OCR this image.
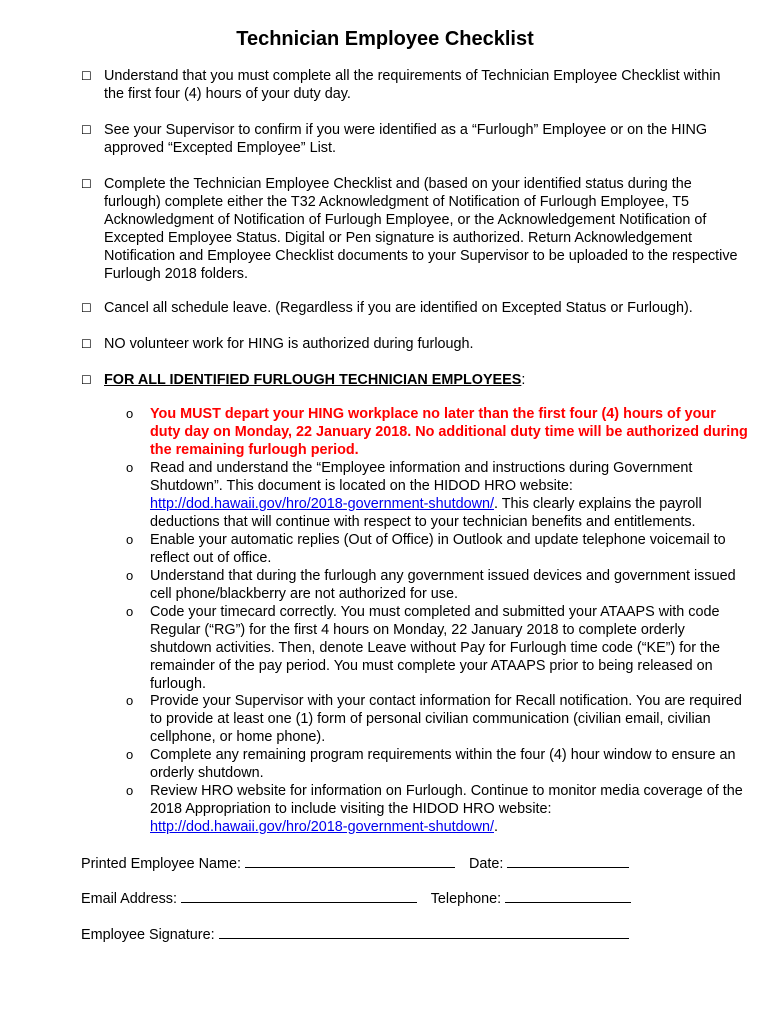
Technician Employee Checklist
☐ Understand that you must complete all the requirements of Technician Employee Checklist within the first four (4) hours of your duty day.
☐ See your Supervisor to confirm if you were identified as a “Furlough” Employee or on the HING approved “Excepted Employee” List.
☐ Complete the Technician Employee Checklist and (based on your identified status during the furlough) complete either the T32 Acknowledgment of Notification of Furlough Employee, T5 Acknowledgment of Notification of Furlough Employee, or the Acknowledgement Notification of Excepted Employee Status. Digital or Pen signature is authorized. Return Acknowledgement Notification and Employee Checklist documents to your Supervisor to be uploaded to the respective Furlough 2018 folders.
☐ Cancel all schedule leave. (Regardless if you are identified on Excepted Status or Furlough).
☐ NO volunteer work for HING is authorized during furlough.
☐ FOR ALL IDENTIFIED FURLOUGH TECHNICIAN EMPLOYEES:
o You MUST depart your HING workplace no later than the first four (4) hours of your duty day on Monday, 22 January 2018. No additional duty time will be authorized during the remaining furlough period.
o Read and understand the “Employee information and instructions during Government Shutdown”. This document is located on the HIDOD HRO website: http://dod.hawaii.gov/hro/2018-government-shutdown/. This clearly explains the payroll deductions that will continue with respect to your technician benefits and entitlements.
o Enable your automatic replies (Out of Office) in Outlook and update telephone voicemail to reflect out of office.
o Understand that during the furlough any government issued devices and government issued cell phone/blackberry are not authorized for use.
o Code your timecard correctly. You must completed and submitted your ATAAPS with code Regular (“RG”) for the first 4 hours on Monday, 22 January 2018 to complete orderly shutdown activities. Then, denote Leave without Pay for Furlough time code (“KE”) for the remainder of the pay period. You must complete your ATAAPS prior to being released on furlough.
o Provide your Supervisor with your contact information for Recall notification. You are required to provide at least one (1) form of personal civilian communication (civilian email, civilian cellphone, or home phone).
o Complete any remaining program requirements within the four (4) hour window to ensure an orderly shutdown.
o Review HRO website for information on Furlough. Continue to monitor media coverage of the 2018 Appropriation to include visiting the HIDOD HRO website: http://dod.hawaii.gov/hro/2018-government-shutdown/.
Printed Employee Name:	Date:
Email Address:	Telephone:
Employee Signature:
